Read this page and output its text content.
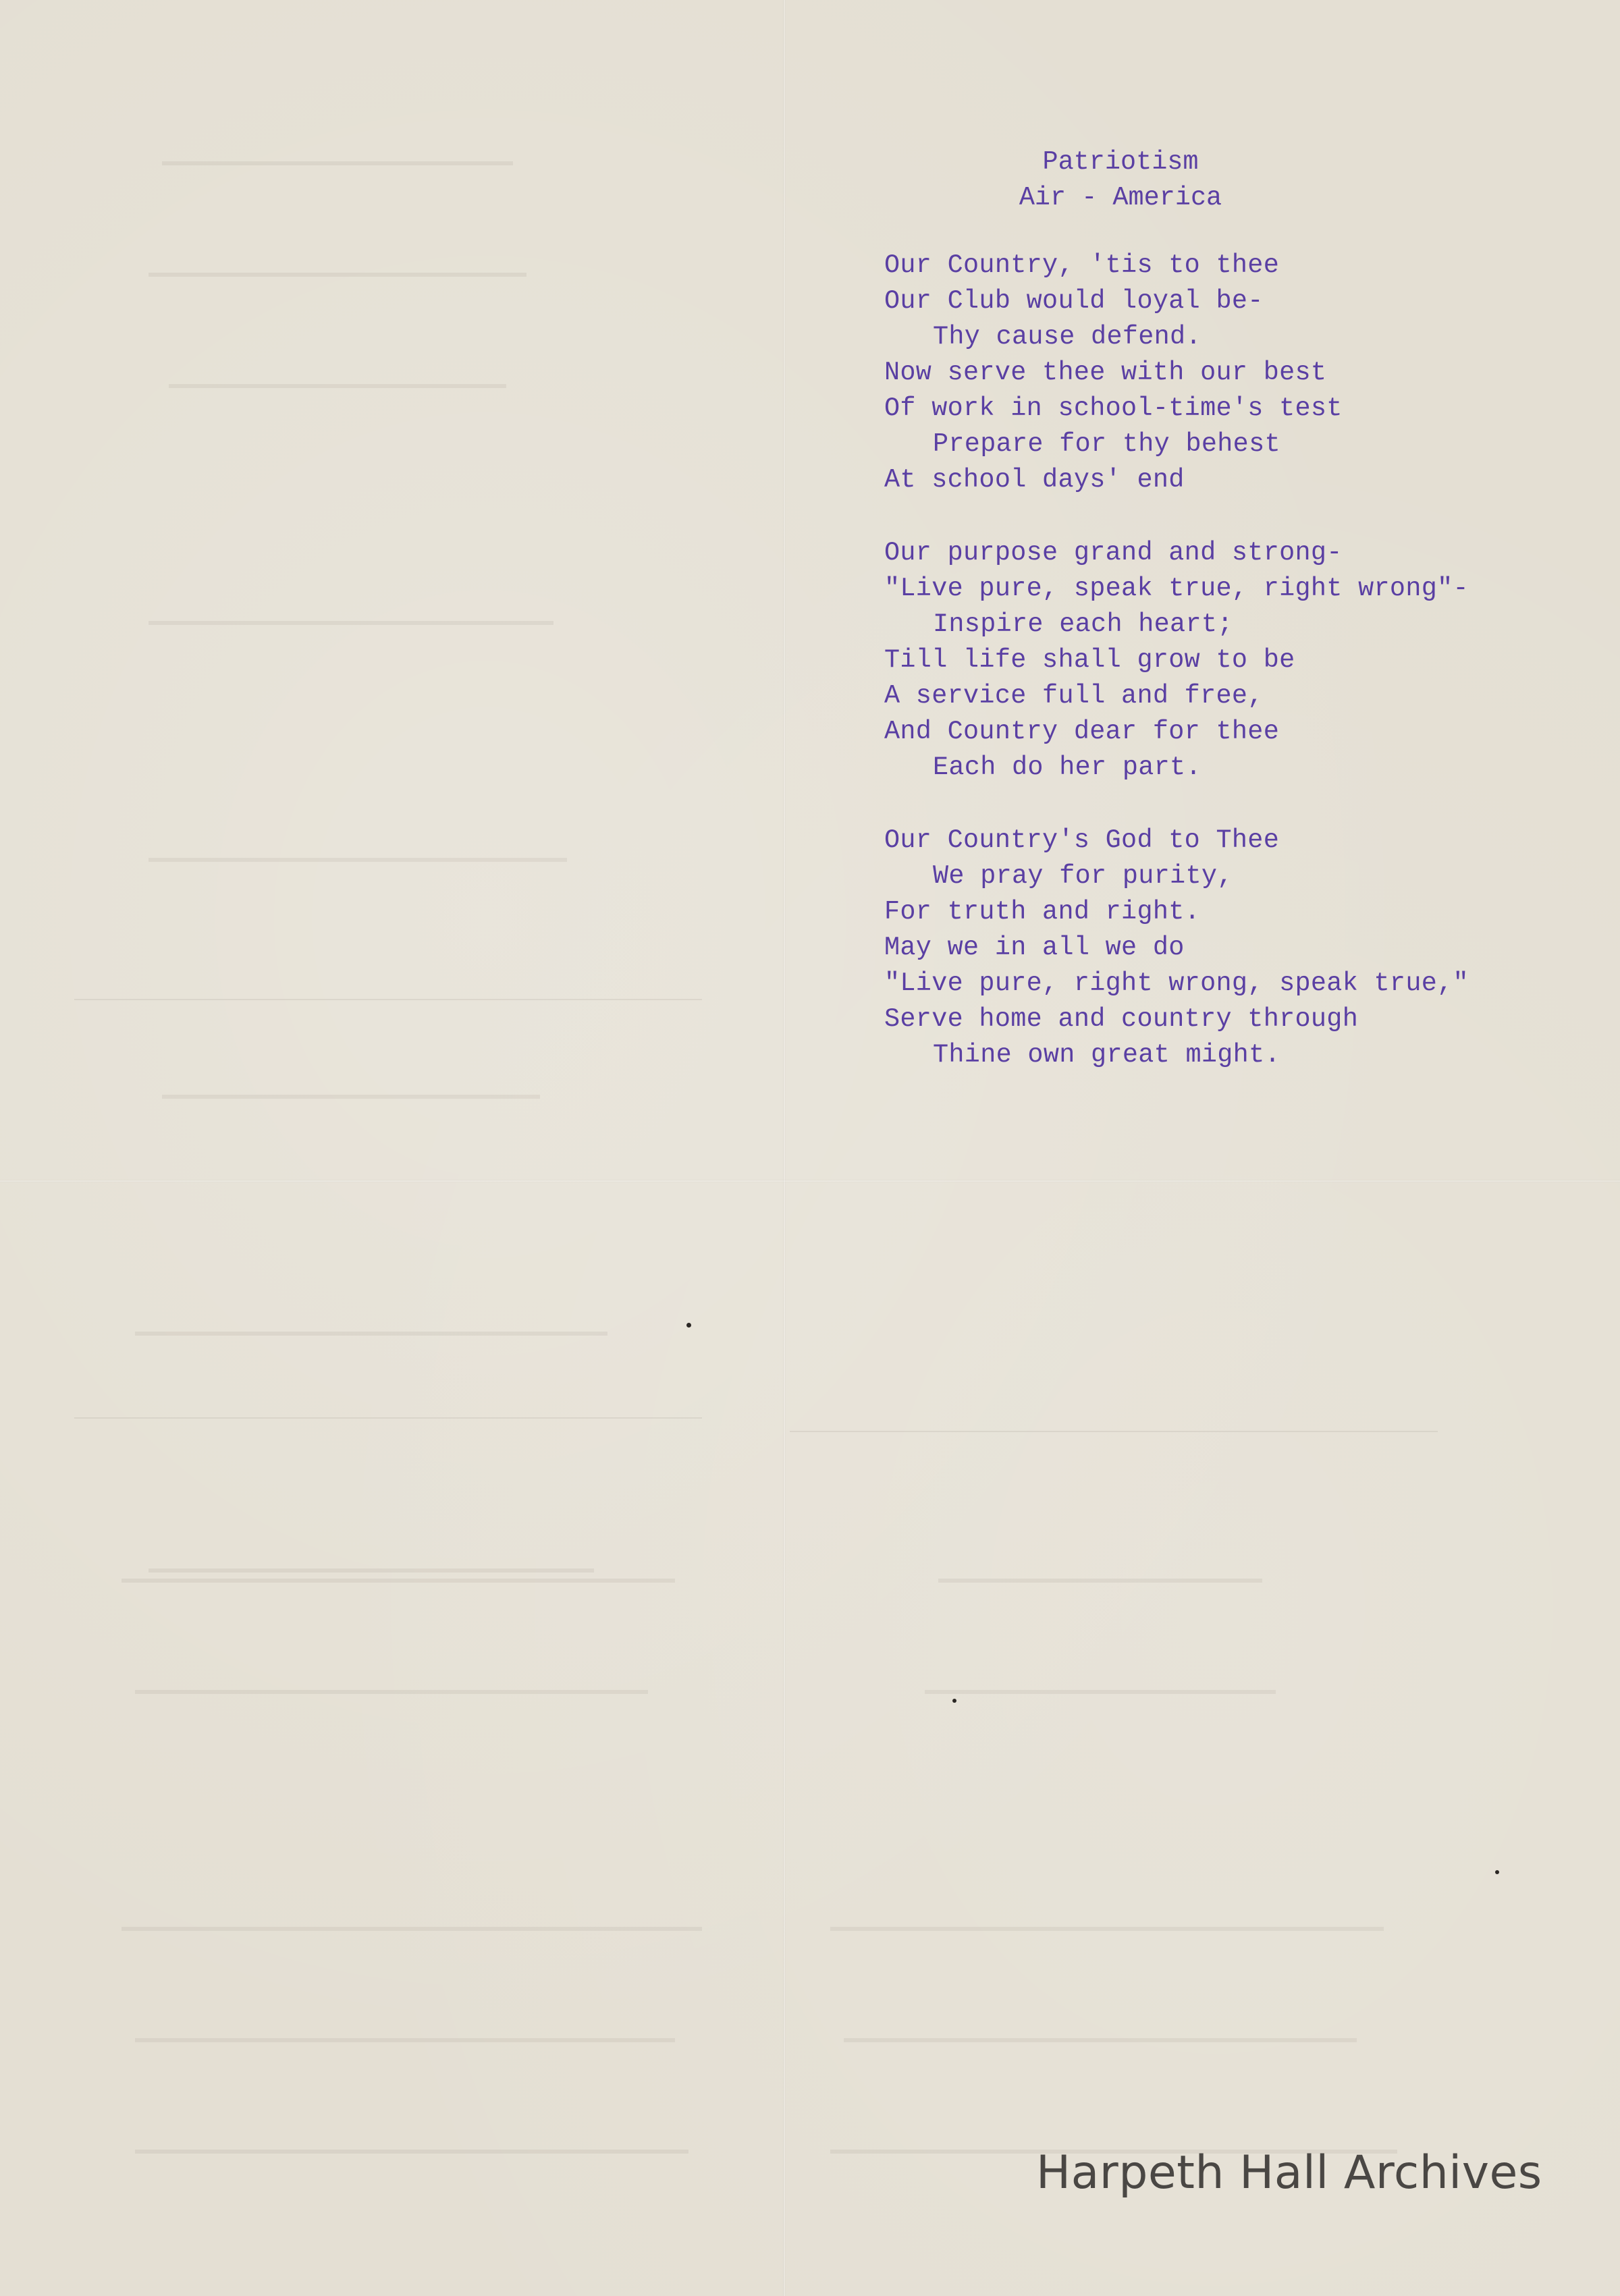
Patriotism
Air - America
Our Country, 'tis to thee
Our Club would loyal be-
Thy cause defend.
Now serve thee with our best
Of work in school-time's test
Prepare for thy behest
At school days' end
Our purpose grand and strong-
"Live pure, speak true, right wrong"-
Inspire each heart;
Till life shall grow to be
A service full and free,
And Country dear for thee
Each do her part.
Our Country's God to Thee
We pray for purity,
For truth and right.
May we in all we do
"Live pure, right wrong, speak true,"
Serve home and country through
Thine own great might.
Harpeth Hall Archives
